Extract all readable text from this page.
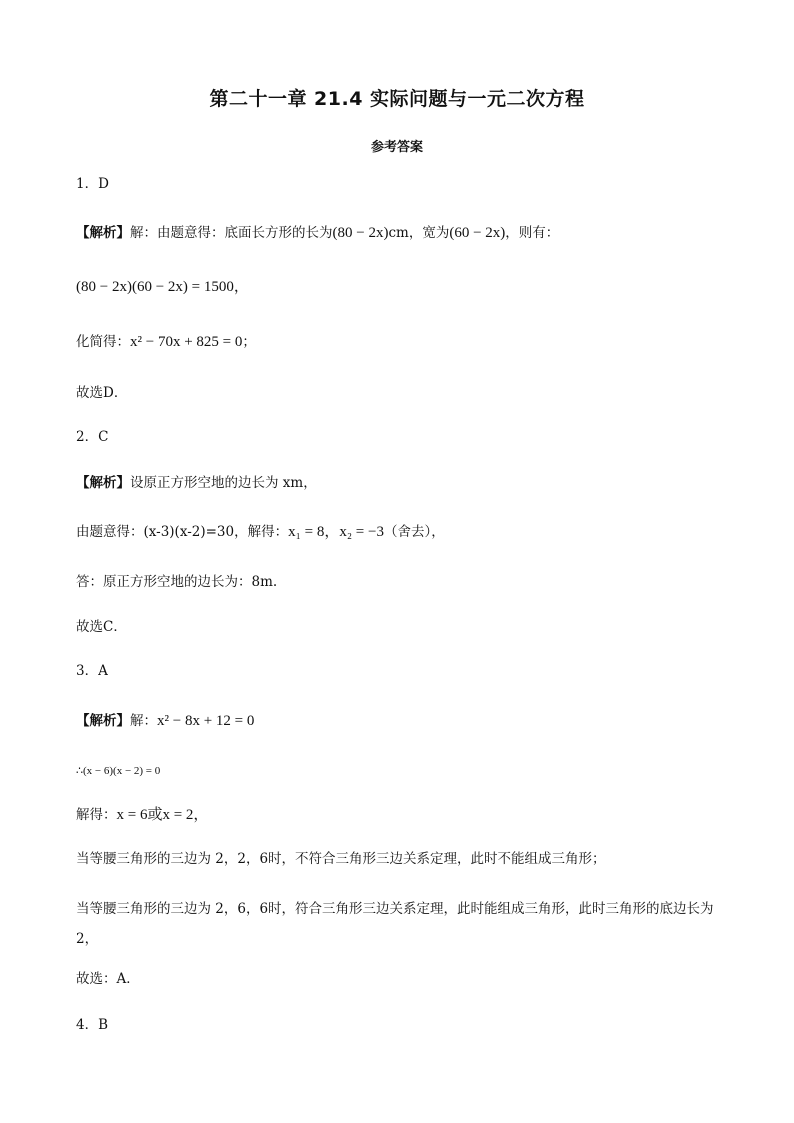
第二十一章 21.4 实际问题与一元二次方程
参考答案
1．D
【解析】解：由题意得：底面长方形的长为(80 − 2x)cm，宽为(60 − 2x)，则有：
(80 − 2x)(60 − 2x) = 1500，
化简得：x² − 70x + 825 = 0；
故选D．
2．C
【解析】设原正方形空地的边长为 xm，
由题意得：(x-3)(x-2)=30，解得：x₁ = 8，x₂ = −3（舍去），
答：原正方形空地的边长为：8m.
故选C．
3．A
【解析】解：x² − 8x + 12 = 0
∴(x − 6)(x − 2) = 0
解得：x = 6或x = 2，
当等腰三角形的三边为 2，2，6时，不符合三角形三边关系定理，此时不能组成三角形；
当等腰三角形的三边为 2，6，6时，符合三角形三边关系定理，此时能组成三角形，此时三角形的底边长为 2，
故选：A．
4．B
